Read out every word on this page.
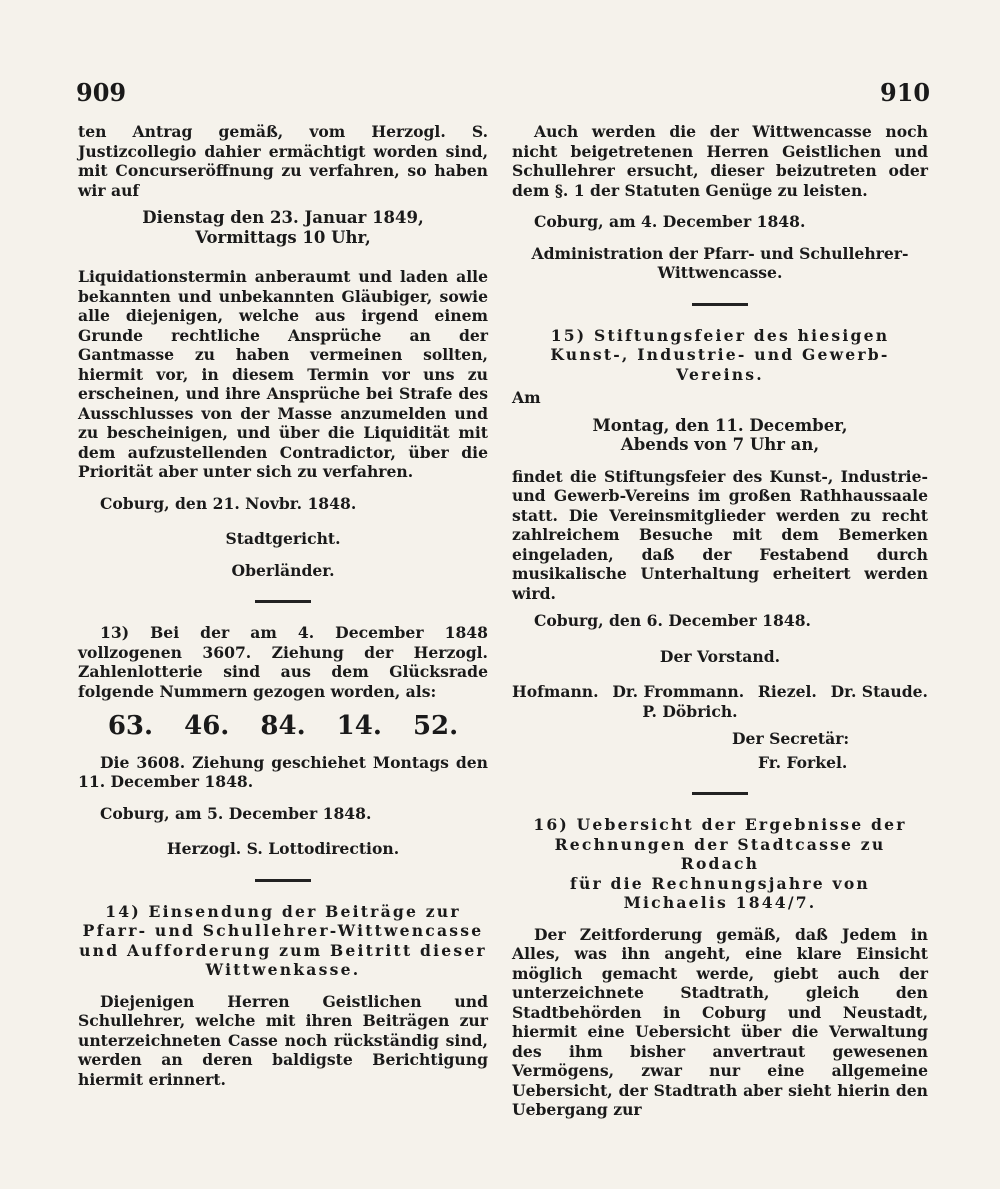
909	910

ten Antrag gemäß, vom Herzogl. S. Justizcollegio dahier ermächtigt worden sind, mit Concurseröffnung zu verfahren, so haben wir auf

Dienstag den 23. Januar 1849,

Vormittags 10 Uhr,

Liquidationstermin anberaumt und laden alle bekannten und unbekannten Gläubiger, sowie alle diejenigen, welche aus irgend einem Grunde rechtliche Ansprüche an der Gantmasse zu haben vermeinen sollten, hiermit vor, in diesem Termin vor uns zu erscheinen, und ihre Ansprüche bei Strafe des Ausschlusses von der Masse anzumelden und zu bescheinigen, und über die Liquidität mit dem aufzustellenden Contradictor, über die Priorität aber unter sich zu verfahren.

Coburg, den 21. Novbr. 1848.

Stadtgericht.

Oberländer.

13) Bei der am 4. December 1848 vollzogenen 3607. Ziehung der Herzogl. Zahlenlotterie sind aus dem Glücksrade folgende Nummern gezogen worden, als:

63. 46. 84. 14. 52.

Die 3608. Ziehung geschiehet Montags den 11. December 1848.

Coburg, am 5. December 1848.

Herzogl. S. Lottodirection.

14) Einsendung der Beiträge zur Pfarr- und Schullehrer-Wittwencasse und Aufforderung zum Beitritt dieser Wittwenkasse.

Diejenigen Herren Geistlichen und Schullehrer, welche mit ihren Beiträgen zur unterzeichneten Casse noch rückständig sind, werden an deren baldigste Berichtigung hiermit erinnert.

Auch werden die der Wittwencasse noch nicht beigetretenen Herren Geistlichen und Schullehrer ersucht, dieser beizutreten oder dem §. 1 der Statuten Genüge zu leisten.

Coburg, am 4. December 1848.

Administration der Pfarr- und Schullehrer-Wittwencasse.

15) Stiftungsfeier des hiesigen

Kunst-, Industrie- und Gewerb-Vereins.

Am

Montag, den 11. December,

Abends von 7 Uhr an,

findet die Stiftungsfeier des Kunst-, Industrie- und Gewerb-Vereins im großen Rathhaussaale statt. Die Vereinsmitglieder werden zu recht zahlreichem Besuche mit dem Bemerken eingeladen, daß der Festabend durch musikalische Unterhaltung erheitert werden wird.

Coburg, den 6. December 1848.

Der Vorstand.

Hofmann. Dr. Frommann. Riezel. Dr. Staude.

P. Döbrich.

Der Secretär:

Fr. Forkel.

16) Uebersicht der Ergebnisse der

Rechnungen der Stadtcasse zu Rodach

für die Rechnungsjahre von

Michaelis 1844/7.

Der Zeitforderung gemäß, daß Jedem in Alles, was ihn angeht, eine klare Einsicht möglich gemacht werde, giebt auch der unterzeichnete Stadtrath, gleich den Stadtbehörden in Coburg und Neustadt, hiermit eine Uebersicht über die Verwaltung des ihm bisher anvertraut gewesenen Vermögens, zwar nur eine allgemeine Uebersicht, der Stadtrath aber sieht hierin den Uebergang zur
